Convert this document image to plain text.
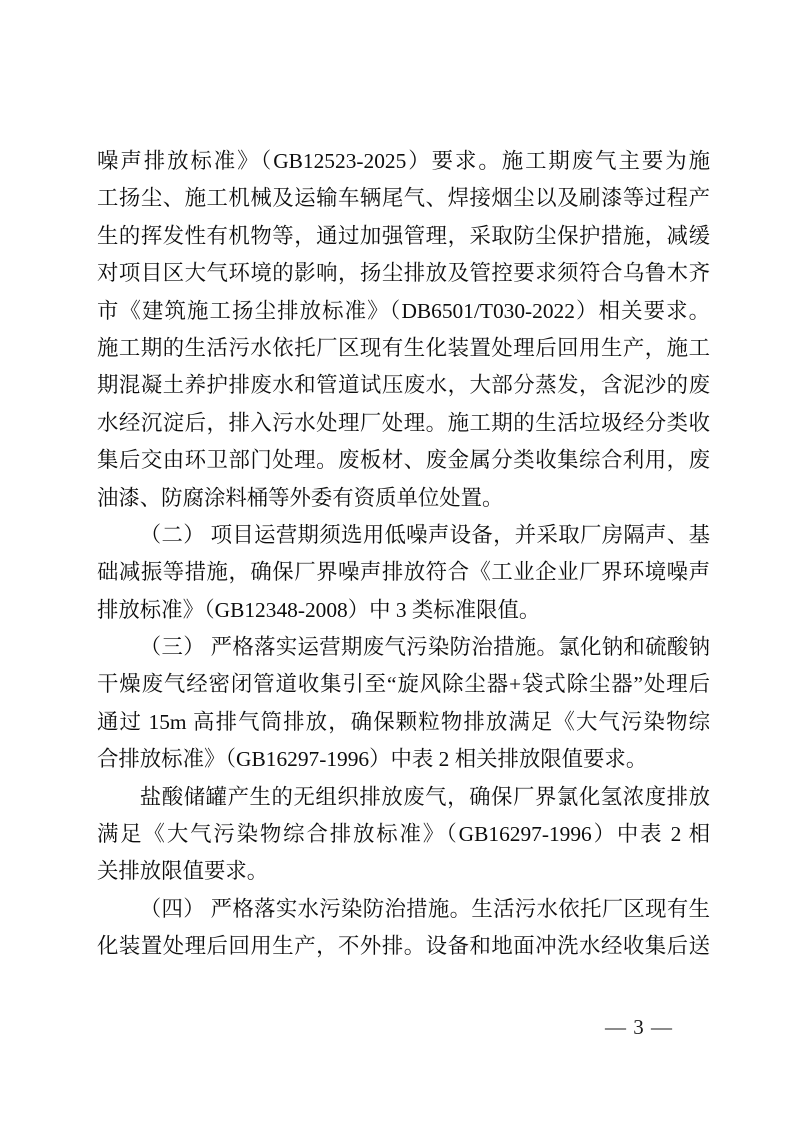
噪声排放标准》（GB12523-2025）要求。施工期废气主要为施
工扬尘、施工机械及运输车辆尾气、焊接烟尘以及刷漆等过程产
生的挥发性有机物等，通过加强管理，采取防尘保护措施，减缓
对项目区大气环境的影响，扬尘排放及管控要求须符合乌鲁木齐
市《建筑施工扬尘排放标准》（DB6501/T030-2022）相关要求。
施工期的生活污水依托厂区现有生化装置处理后回用生产，施工
期混凝土养护排废水和管道试压废水，大部分蒸发，含泥沙的废
水经沉淀后，排入污水处理厂处理。施工期的生活垃圾经分类收
集后交由环卫部门处理。废板材、废金属分类收集综合利用，废
油漆、防腐涂料桶等外委有资质单位处置。
（二） 项目运营期须选用低噪声设备，并采取厂房隔声、基
础减振等措施，确保厂界噪声排放符合《工业企业厂界环境噪声
排放标准》（GB12348-2008）中 3 类标准限值。
（三） 严格落实运营期废气污染防治措施。氯化钠和硫酸钠
干燥废气经密闭管道收集引至“旋风除尘器+袋式除尘器”处理后
通过 15m 高排气筒排放，确保颗粒物排放满足《大气污染物综
合排放标准》（GB16297-1996）中表 2 相关排放限值要求。
盐酸储罐产生的无组织排放废气，确保厂界氯化氢浓度排放
满足《大气污染物综合排放标准》（GB16297-1996）中表 2 相
关排放限值要求。
（四） 严格落实水污染防治措施。生活污水依托厂区现有生
化装置处理后回用生产，不外排。设备和地面冲洗水经收集后送
— 3 —
